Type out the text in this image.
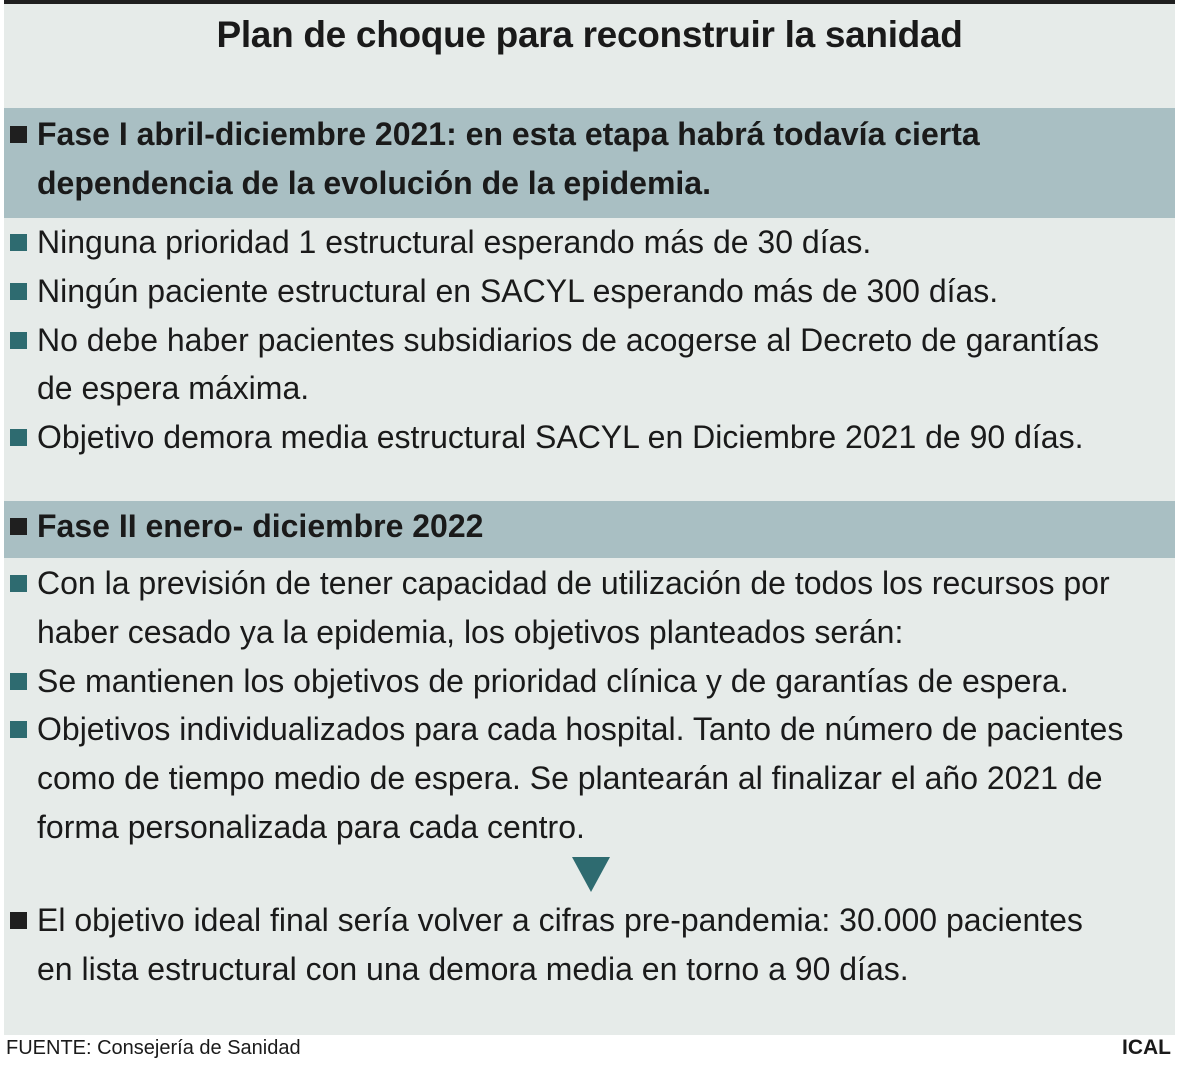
Plan de choque para reconstruir la sanidad
Fase I abril-diciembre 2021: en esta etapa habrá todavía cierta
dependencia de la evolución de la epidemia.
Ninguna prioridad 1 estructural esperando más de 30 días.
Ningún paciente estructural en SACYL esperando más de 300 días.
No debe haber pacientes subsidiarios de acogerse al Decreto de garantías
de espera máxima.
Objetivo demora media estructural SACYL en Diciembre 2021 de 90 días.
Fase II enero- diciembre 2022
Con la previsión de tener capacidad de utilización de todos los recursos por
haber cesado ya la epidemia, los objetivos planteados serán:
Se mantienen los objetivos de prioridad clínica y de garantías de espera.
Objetivos individualizados para cada hospital. Tanto de número de pacientes
como de tiempo medio de espera. Se plantearán al finalizar el año 2021 de
forma personalizada para cada centro.
El objetivo ideal final sería volver a cifras pre-pandemia: 30.000 pacientes
en lista estructural con una demora media en torno a 90 días.
FUENTE: Consejería de Sanidad	ICAL
